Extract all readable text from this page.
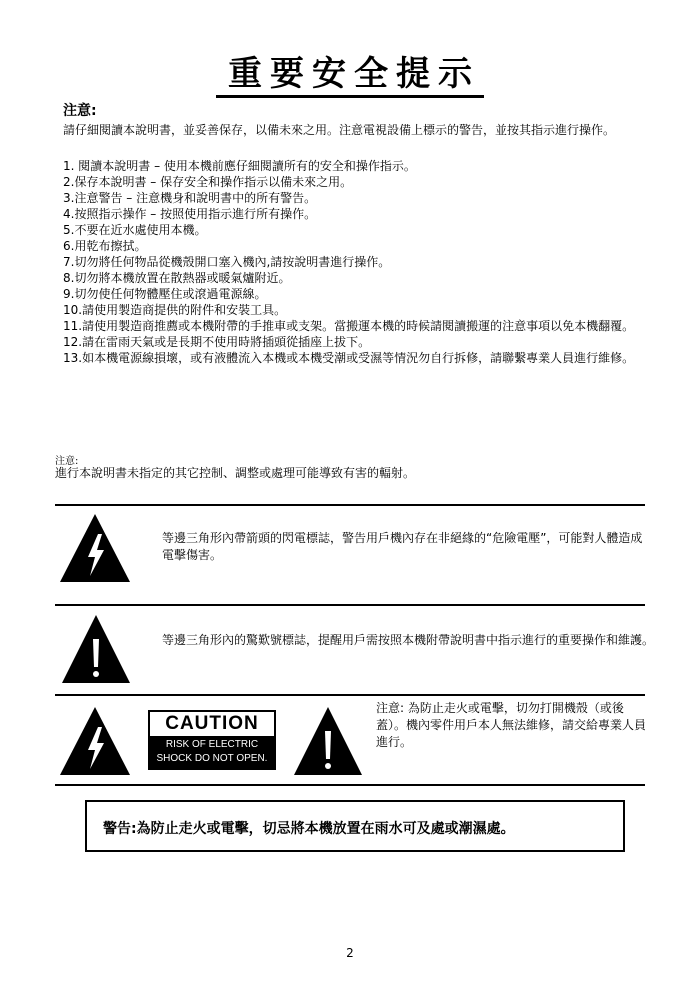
重要安全提示
注意:
請仔細閱讀本說明書，並妥善保存，以備未來之用。注意電視設備上標示的警告，並按其指示進行操作。
1. 閱讀本說明書 – 使用本機前應仔細閱讀所有的安全和操作指示。
2.保存本說明書 – 保存安全和操作指示以備未來之用。
3.注意警告 – 注意機身和說明書中的所有警告。
4.按照指示操作 – 按照使用指示進行所有操作。
5.不要在近水處使用本機。
6.用乾布擦拭。
7.切勿將任何物品從機殼開口塞入機內,請按說明書進行操作。
8.切勿將本機放置在散熱器或暖氣爐附近。
9.切勿使任何物體壓住或滾過電源線。
10.請使用製造商提供的附件和安裝工具。
11.請使用製造商推薦或本機附帶的手推車或支架。當搬運本機的時候請閱讀搬運的注意事項以免本機翻覆。
12.請在雷雨天氣或是長期不使用時將插頭從插座上拔下。
13.如本機電源線損壞，或有液體流入本機或本機受潮或受濕等情況勿自行拆修，請聯繫專業人員進行維修。
注意:
進行本說明書未指定的其它控制、調整或處理可能導致有害的輻射。
等邊三角形內帶箭頭的閃電標誌，警告用戶機內存在非絕緣的“危險電壓”，可能對人體造成電擊傷害。
等邊三角形內的驚歎號標誌，提醒用戶需按照本機附帶說明書中指示進行的重要操作和維護。
CAUTION
RISK OF ELECTRIC
SHOCK DO NOT OPEN.
注意: 為防止走火或電擊，切勿打開機殼（或後蓋）。機內零件用戶本人無法維修，請交給專業人員進行。
警告:為防止走火或電擊，切忌將本機放置在雨水可及處或潮濕處。
2
